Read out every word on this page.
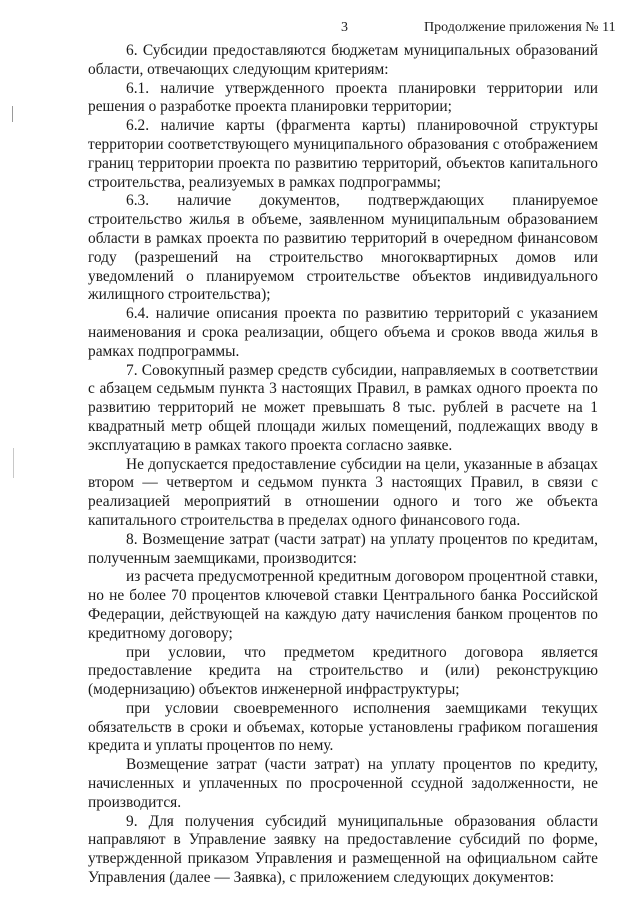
3	Продолжение приложения № 11

6. Субсидии предоставляются бюджетам муниципальных образований области, отвечающих следующим критериям:

6.1. наличие утвержденного проекта планировки территории или решения о разработке проекта планировки территории;

6.2. наличие карты (фрагмента карты) планировочной структуры территории соответствующего муниципального образования с отображением границ территории проекта по развитию территорий, объектов капитального строительства, реализуемых в рамках подпрограммы;

6.3. наличие документов, подтверждающих планируемое строительство жилья в объеме, заявленном муниципальным образованием области в рамках проекта по развитию территорий в очередном финансовом году (разрешений на строительство многоквартирных домов или уведомлений о планируемом строительстве объектов индивидуального жилищного строительства);

6.4. наличие описания проекта по развитию территорий с указанием наименования и срока реализации, общего объема и сроков ввода жилья в рамках подпрограммы.

7. Совокупный размер средств субсидии, направляемых в соответствии с абзацем седьмым пункта 3 настоящих Правил, в рамках одного проекта по развитию территорий не может превышать 8 тыс. рублей в расчете на 1 квадратный метр общей площади жилых помещений, подлежащих вводу в эксплуатацию в рамках такого проекта согласно заявке.

Не допускается предоставление субсидии на цели, указанные в абзацах втором — четвертом и седьмом пункта 3 настоящих Правил, в связи с реализацией мероприятий в отношении одного и того же объекта капитального строительства в пределах одного финансового года.

8. Возмещение затрат (части затрат) на уплату процентов по кредитам, полученным заемщиками, производится:

из расчета предусмотренной кредитным договором процентной ставки, но не более 70 процентов ключевой ставки Центрального банка Российской Федерации, действующей на каждую дату начисления банком процентов по кредитному договору;

при условии, что предметом кредитного договора является предоставление кредита на строительство и (или) реконструкцию (модернизацию) объектов инженерной инфраструктуры;

при условии своевременного исполнения заемщиками текущих обязательств в сроки и объемах, которые установлены графиком погашения кредита и уплаты процентов по нему.

Возмещение затрат (части затрат) на уплату процентов по кредиту, начисленных и уплаченных по просроченной ссудной задолженности, не производится.

9. Для получения субсидий муниципальные образования области направляют в Управление заявку на предоставление субсидий по форме, утвержденной приказом Управления и размещенной на официальном сайте Управления (далее — Заявка), с приложением следующих документов:
